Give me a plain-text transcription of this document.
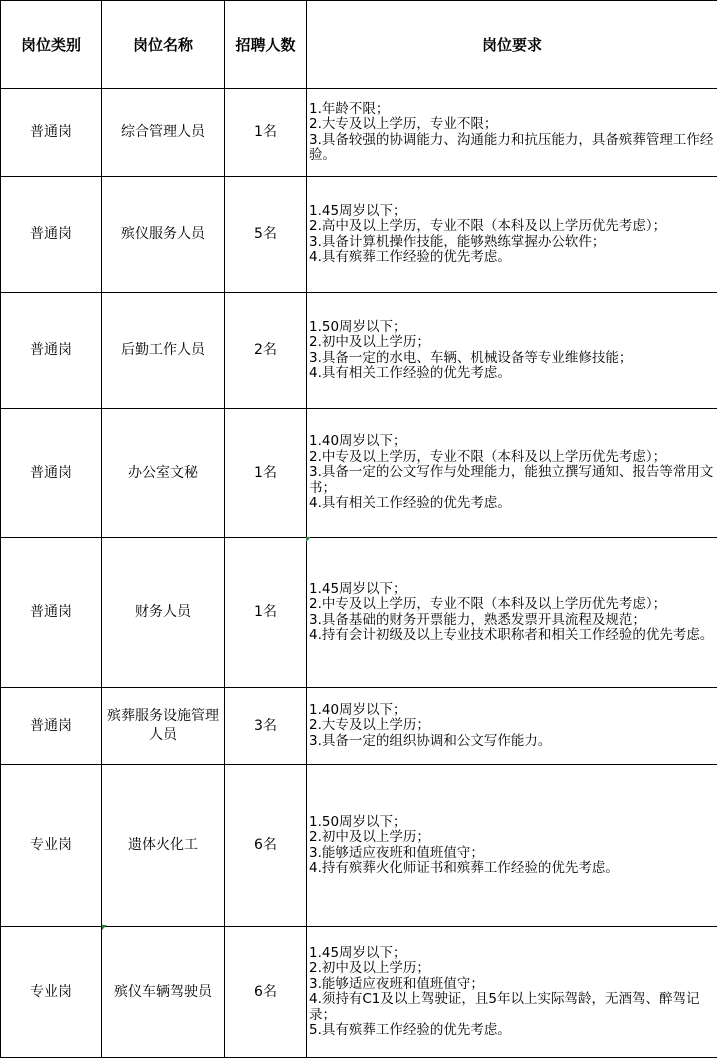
岗位类别	岗位名称	招聘人数	岗位要求
普通岗	综合管理人员	1名	1.年龄不限；
2.大专及以上学历，专业不限；
3.具备较强的协调能力、沟通能力和抗压能力，具备殡葬管理工作经验。

普通岗	殡仪服务人员	5名	1.45周岁以下；
2.高中及以上学历，专业不限（本科及以上学历优先考虑）；
3.具备计算机操作技能，能够熟练掌握办公软件；
4.具有殡葬工作经验的优先考虑。

普通岗	后勤工作人员	2名	1.50周岁以下；
2.初中及以上学历；
3.具备一定的水电、车辆、机械设备等专业维修技能；
4.具有相关工作经验的优先考虑。

普通岗	办公室文秘	1名	1.40周岁以下；
2.中专及以上学历，专业不限（本科及以上学历优先考虑）；
3.具备一定的公文写作与处理能力，能独立撰写通知、报告等常用文书；
4.具有相关工作经验的优先考虑。

普通岗	财务人员	1名	1.45周岁以下；
2.中专及以上学历，专业不限（本科及以上学历优先考虑）；
3.具备基础的财务开票能力，熟悉发票开具流程及规范；
4.持有会计初级及以上专业技术职称者和相关工作经验的优先考虑。

普通岗	殡葬服务设施管理人员	3名	1.40周岁以下；
2.大专及以上学历；
3.具备一定的组织协调和公文写作能力。

专业岗	遗体火化工	6名	1.50周岁以下；
2.初中及以上学历；
3.能够适应夜班和值班值守；
4.持有殡葬火化师证书和殡葬工作经验的优先考虑。

专业岗	殡仪车辆驾驶员	6名	1.45周岁以下；
2.初中及以上学历；
3.能够适应夜班和值班值守；
4.须持有C1及以上驾驶证，且5年以上实际驾龄，无酒驾、醉驾记录；
5.具有殡葬工作经验的优先考虑。
